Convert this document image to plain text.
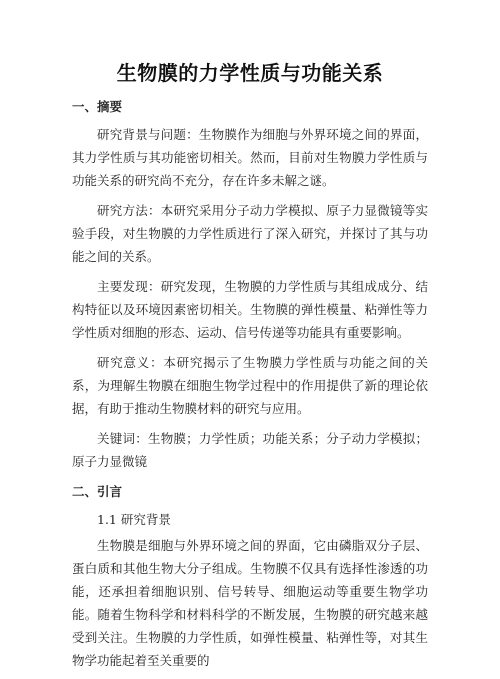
生物膜的力学性质与功能关系
一、摘要
研究背景与问题：生物膜作为细胞与外界环境之间的界面，其力学性质与其功能密切相关。然而，目前对生物膜力学性质与功能关系的研究尚不充分，存在许多未解之谜。
研究方法：本研究采用分子动力学模拟、原子力显微镜等实验手段，对生物膜的力学性质进行了深入研究，并探讨了其与功能之间的关系。
主要发现：研究发现，生物膜的力学性质与其组成成分、结构特征以及环境因素密切相关。生物膜的弹性模量、粘弹性等力学性质对细胞的形态、运动、信号传递等功能具有重要影响。
研究意义：本研究揭示了生物膜力学性质与功能之间的关系，为理解生物膜在细胞生物学过程中的作用提供了新的理论依据，有助于推动生物膜材料的研究与应用。
关键词：生物膜；力学性质；功能关系；分子动力学模拟；原子力显微镜
二、引言
1.1 研究背景
生物膜是细胞与外界环境之间的界面，它由磷脂双分子层、蛋白质和其他生物大分子组成。生物膜不仅具有选择性渗透的功能，还承担着细胞识别、信号转导、细胞运动等重要生物学功能。随着生物科学和材料科学的不断发展，生物膜的研究越来越受到关注。生物膜的力学性质，如弹性模量、粘弹性等，对其生物学功能起着至关重要的
